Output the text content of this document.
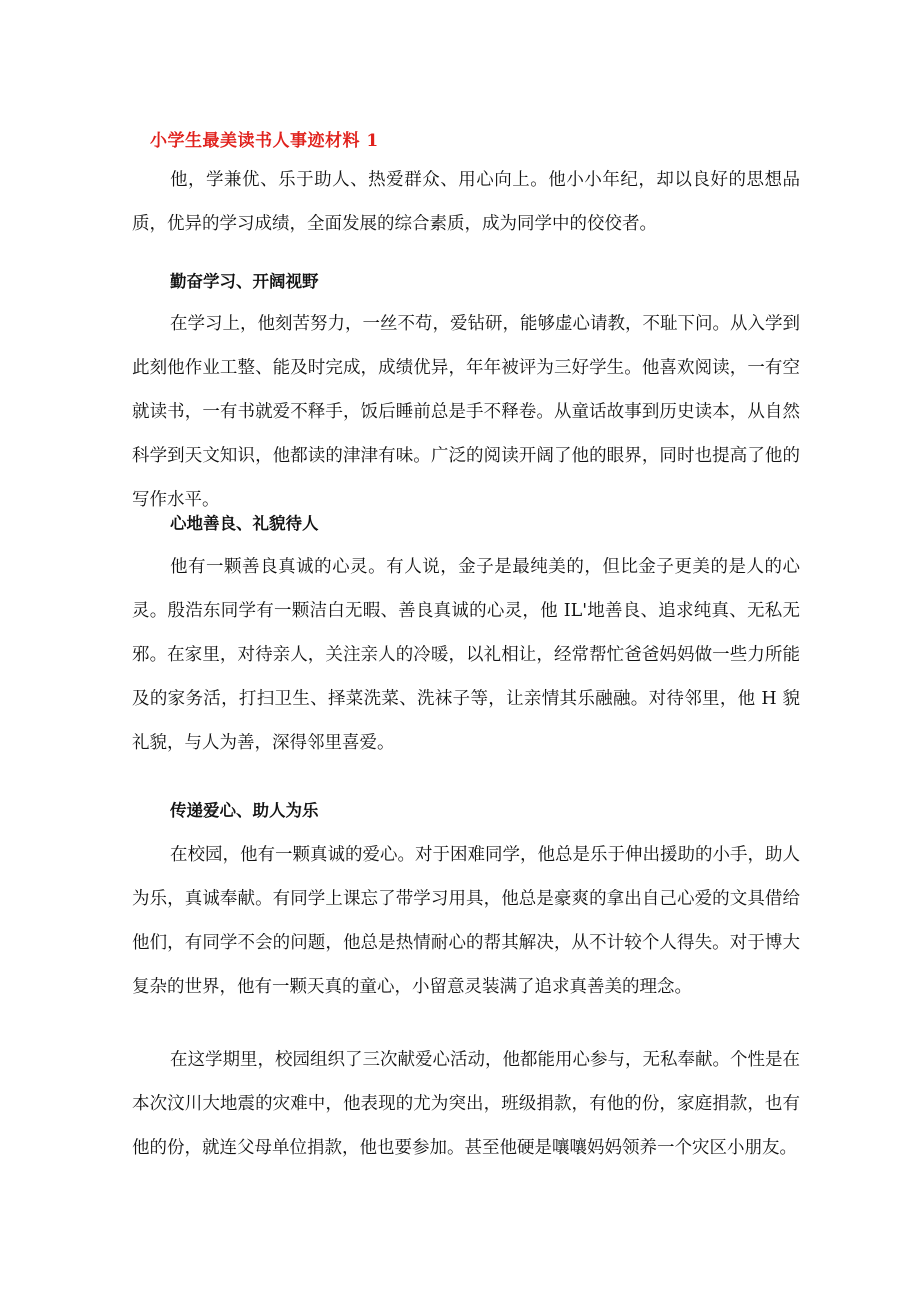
小学生最美读书人事迹材料 1

他，学兼优、乐于助人、热爱群众、用心向上。他小小年纪，却以良好的思想品质，优异的学习成绩，全面发展的综合素质，成为同学中的佼佼者。

勤奋学习、开阔视野

在学习上，他刻苦努力，一丝不苟，爱钻研，能够虚心请教，不耻下问。从入学到此刻他作业工整、能及时完成，成绩优异，年年被评为三好学生。他喜欢阅读，一有空就读书，一有书就爱不释手，饭后睡前总是手不释卷。从童话故事到历史读本，从自然科学到天文知识，他都读的津津有味。广泛的阅读开阔了他的眼界，同时也提高了他的写作水平。

心地善良、礼貌待人

他有一颗善良真诚的心灵。有人说，金子是最纯美的，但比金子更美的是人的心灵。殷浩东同学有一颗洁白无暇、善良真诚的心灵，他 IL'地善良、追求纯真、无私无邪。在家里，对待亲人，关注亲人的冷暖，以礼相让，经常帮忙爸爸妈妈做一些力所能及的家务活，打扫卫生、择菜洗菜、洗袜子等，让亲情其乐融融。对待邻里，他 H 貌礼貌，与人为善，深得邻里喜爱。

传递爱心、助人为乐

在校园，他有一颗真诚的爱心。对于困难同学，他总是乐于伸出援助的小手，助人为乐，真诚奉献。有同学上课忘了带学习用具，他总是豪爽的拿出自己心爱的文具借给他们，有同学不会的问题，他总是热情耐心的帮其解决，从不计较个人得失。对于博大复杂的世界，他有一颗天真的童心，小留意灵装满了追求真善美的理念。

在这学期里，校园组织了三次献爱心活动，他都能用心参与，无私奉献。个性是在本次汶川大地震的灾难中，他表现的尤为突出，班级捐款，有他的份，家庭捐款，也有他的份，就连父母单位捐款，他也要参加。甚至他硬是嚷嚷妈妈领养一个灾区小朋友。
